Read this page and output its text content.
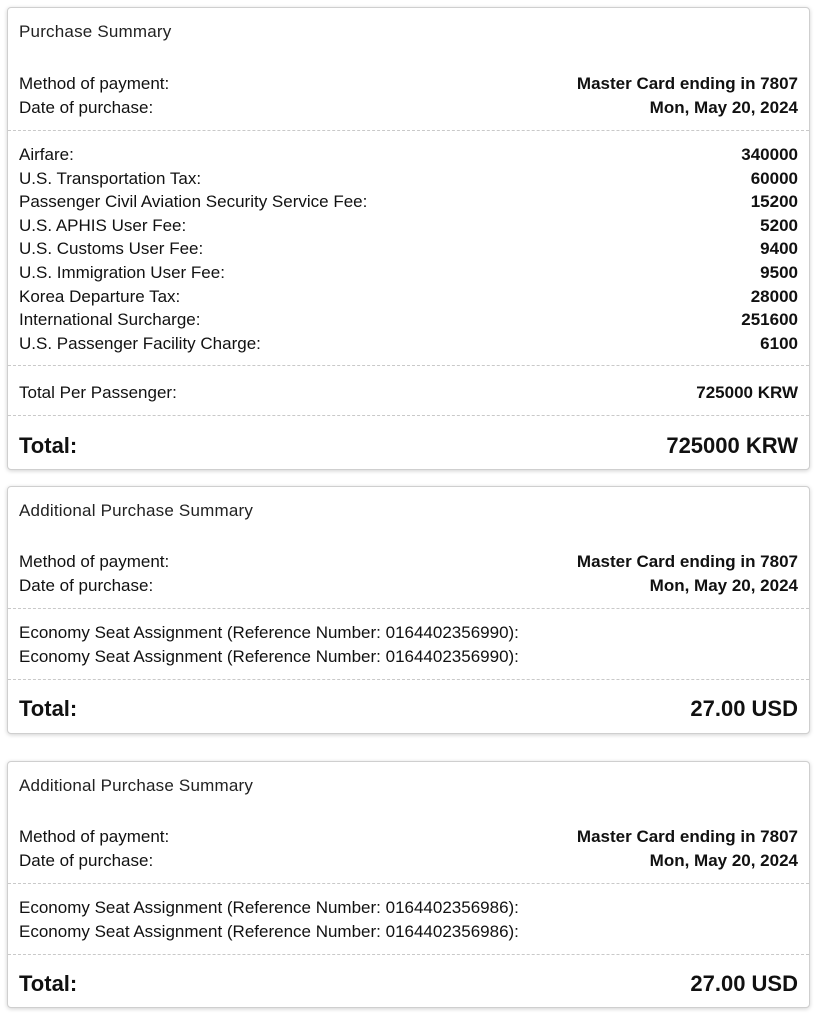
Purchase Summary
Method of payment:	Master Card ending in 7807
Date of purchase:	Mon, May 20, 2024
Airfare:	340000
U.S. Transportation Tax:	60000
Passenger Civil Aviation Security Service Fee:	15200
U.S. APHIS User Fee:	5200
U.S. Customs User Fee:	9400
U.S. Immigration User Fee:	9500
Korea Departure Tax:	28000
International Surcharge:	251600
U.S. Passenger Facility Charge:	6100
Total Per Passenger:	725000 KRW
Total:	725000 KRW
Additional Purchase Summary
Method of payment:	Master Card ending in 7807
Date of purchase:	Mon, May 20, 2024
Economy Seat Assignment (Reference Number: 0164402356990):
Economy Seat Assignment (Reference Number: 0164402356990):
Total:	27.00 USD
Additional Purchase Summary
Method of payment:	Master Card ending in 7807
Date of purchase:	Mon, May 20, 2024
Economy Seat Assignment (Reference Number: 0164402356986):
Economy Seat Assignment (Reference Number: 0164402356986):
Total:	27.00 USD
